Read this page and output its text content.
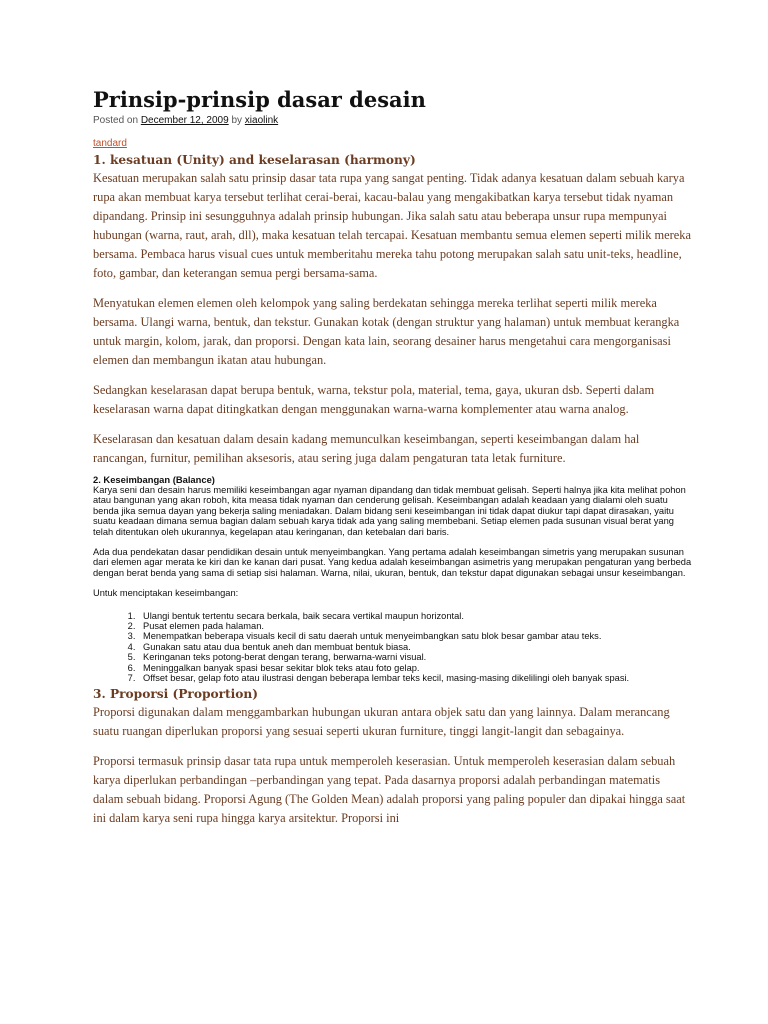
Prinsip-prinsip dasar desain
Posted on December 12, 2009 by xiaolink
tandard
1. kesatuan (Unity) and keselarasan (harmony)

Kesatuan merupakan salah satu prinsip dasar tata rupa yang sangat penting. Tidak adanya kesatuan dalam sebuah karya rupa akan membuat karya tersebut terlihat cerai-berai, kacau-balau yang mengakibatkan karya tersebut tidak nyaman dipandang. Prinsip ini sesungguhnya adalah prinsip hubungan. Jika salah satu atau beberapa unsur rupa mempunyai hubungan (warna, raut, arah, dll), maka kesatuan telah tercapai. Kesatuan membantu semua elemen seperti milik mereka bersama. Pembaca harus visual cues untuk memberitahu mereka tahu potong merupakan salah satu unit-teks, headline, foto, gambar, dan keterangan semua pergi bersama-sama.

Menyatukan elemen elemen oleh kelompok yang saling berdekatan sehingga mereka terlihat seperti milik mereka bersama. Ulangi warna, bentuk, dan tekstur. Gunakan kotak (dengan struktur yang halaman) untuk membuat kerangka untuk margin, kolom, jarak, dan proporsi. Dengan kata lain, seorang desainer harus mengetahui cara mengorganisasi elemen dan membangun ikatan atau hubungan.

Sedangkan keselarasan dapat berupa bentuk, warna, tekstur pola, material, tema, gaya, ukuran dsb. Seperti dalam keselarasan warna dapat ditingkatkan dengan menggunakan warna-warna komplementer atau warna analog.

Keselarasan dan kesatuan dalam desain kadang memunculkan keseimbangan, seperti keseimbangan dalam hal rancangan, furnitur, pemilihan aksesoris, atau sering juga dalam pengaturan tata letak furniture.

2. Keseimbangan (Balance)

Karya seni dan desain harus memiliki keseimbangan agar nyaman dipandang dan tidak membuat gelisah. Seperti halnya jika kita melihat pohon atau bangunan yang akan roboh, kita measa tidak nyaman dan cenderung gelisah. Keseimbangan adalah keadaan yang dialami oleh suatu benda jika semua dayan yang bekerja saling meniadakan. Dalam bidang seni keseimbangan ini tidak dapat diukur tapi dapat dirasakan, yaitu suatu keadaan dimana semua bagian dalam sebuah karya tidak ada yang saling membebani. Setiap elemen pada susunan visual berat yang telah ditentukan oleh ukurannya, kegelapan atau keringanan, dan ketebalan dari baris.

Ada dua pendekatan dasar pendidikan desain untuk menyeimbangkan. Yang pertama adalah keseimbangan simetris yang merupakan susunan dari elemen agar merata ke kiri dan ke kanan dari pusat. Yang kedua adalah keseimbangan asimetris yang merupakan pengaturan yang berbeda dengan berat benda yang sama di setiap sisi halaman. Warna, nilai, ukuran, bentuk, dan tekstur dapat digunakan sebagai unsur keseimbangan.

Untuk menciptakan keseimbangan:

1. Ulangi bentuk tertentu secara berkala, baik secara vertikal maupun horizontal.
2. Pusat elemen pada halaman.
3. Menempatkan beberapa visuals kecil di satu daerah untuk menyeimbangkan satu blok besar gambar atau teks.
4. Gunakan satu atau dua bentuk aneh dan membuat bentuk biasa.
5. Keringanan teks potong-berat dengan terang, berwarna-warni visual.
6. Meninggalkan banyak spasi besar sekitar blok teks atau foto gelap.
7. Offset besar, gelap foto atau ilustrasi dengan beberapa lembar teks kecil, masing-masing dikelilingi oleh banyak spasi.
3. Proporsi (Proportion)

Proporsi digunakan dalam menggambarkan hubungan ukuran antara objek satu dan yang lainnya. Dalam merancang suatu ruangan diperlukan proporsi yang sesuai seperti ukuran furniture, tinggi langit-langit dan sebagainya.

Proporsi termasuk prinsip dasar tata rupa untuk memperoleh keserasian. Untuk memperoleh keserasian dalam sebuah karya diperlukan perbandingan –perbandingan yang tepat. Pada dasarnya proporsi adalah perbandingan matematis dalam sebuah bidang. Proporsi Agung (The Golden Mean) adalah proporsi yang paling populer dan dipakai hingga saat ini dalam karya seni rupa hingga karya arsitektur. Proporsi ini
